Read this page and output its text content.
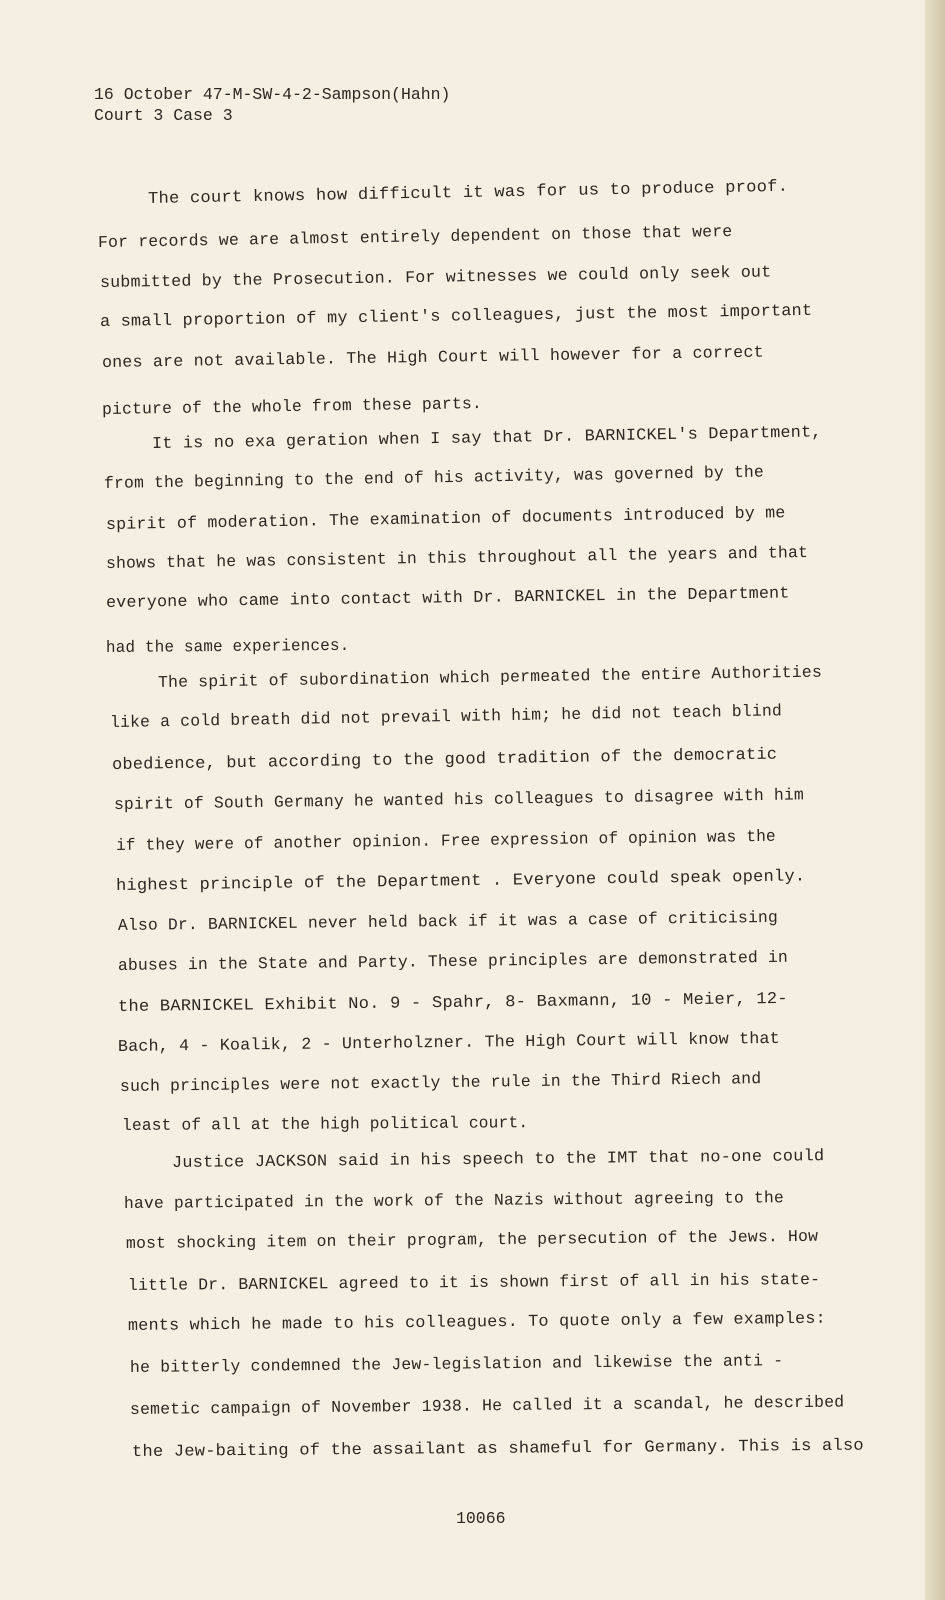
16 October 47-M-SW-4-2-Sampson(Hahn)
Court 3 Case 3
The court knows how difficult it was for us to produce proof.
For records we are almost entirely dependent on those that were
submitted by the Prosecution. For witnesses we could only seek out
a small proportion of my client's colleagues, just the most important
ones are not available. The High Court will however for a correct
picture of the whole from these parts.
It is no exa geration when I say that Dr. BARNICKEL's Department,
from the beginning to the end of his activity, was governed by the
spirit of moderation. The examination of documents introduced by me
shows that he was consistent in this throughout all the years and that
everyone who came into contact with Dr. BARNICKEL in the Department
had the same experiences.
The spirit of subordination which permeated the entire Authorities
like a cold breath did not prevail with him; he did not teach blind
obedience, but according to the good tradition of the democratic
spirit of South Germany he wanted his colleagues to disagree with him
if they were of another opinion. Free expression of opinion was the
highest principle of the Department . Everyone could speak openly.
Also Dr. BARNICKEL never held back if it was a case of criticising
abuses in the State and Party. These principles are demonstrated in
the BARNICKEL Exhibit No. 9 - Spahr, 8- Baxmann, 10 - Meier, 12-
Bach, 4 - Koalik, 2 - Unterholzner. The High Court will know that
such principles were not exactly the rule in the Third Riech and
least of all at the high political court.
Justice JACKSON said in his speech to the IMT that no-one could
have participated in the work of the Nazis without agreeing to the
most shocking item on their program, the persecution of the Jews. How
little Dr. BARNICKEL agreed to it is shown first of all in his state-
ments which he made to his colleagues. To quote only a few examples:
he bitterly condemned the Jew-legislation and likewise the anti -
semetic campaign of November 1938. He called it a scandal, he described
the Jew-baiting of the assailant as shameful for Germany. This is also
10066
